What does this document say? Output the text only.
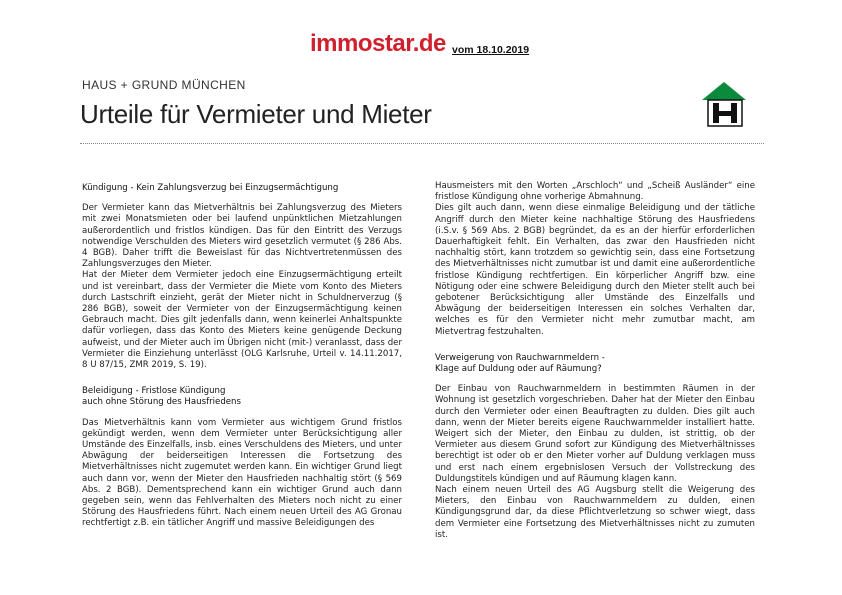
immostar.de vom 18.10.2019
HAUS + GRUND MÜNCHEN
Urteile für Vermieter und Mieter
Kündigung - Kein Zahlungsverzug bei Einzugsermächtigung

Der Vermieter kann das Mietverhältnis bei Zahlungsverzug des Mieters mit zwei Monatsmieten oder bei laufend unpünktlichen Mietzahlungen außerordentlich und fristlos kündigen. Das für den Eintritt des Verzugs notwendige Verschulden des Mieters wird gesetzlich vermutet (§ 286 Abs. 4 BGB). Daher trifft die Beweislast für das Nichtvertretenmüssen des Zahlungsverzuges den Mieter.

Hat der Mieter dem Vermieter jedoch eine Einzugsermächtigung erteilt und ist vereinbart, dass der Vermieter die Miete vom Konto des Mieters durch Lastschrift einzieht, gerät der Mieter nicht in Schuldnerverzug (§ 286 BGB), soweit der Vermieter von der Einzugsermächtigung keinen Gebrauch macht. Dies gilt jedenfalls dann, wenn keinerlei Anhaltspunkte dafür vorliegen, dass das Konto des Mieters keine genügende Deckung aufweist, und der Mieter auch im Übrigen nicht (mit-) veranlasst, dass der Vermieter die Einziehung unterlässt (OLG Karlsruhe, Urteil v. 14.11.2017, 8 U 87/15, ZMR 2019, S. 19).

Beleidigung - Fristlose Kündigung
auch ohne Störung des Hausfriedens

Das Mietverhältnis kann vom Vermieter aus wichtigem Grund fristlos gekündigt werden, wenn dem Vermieter unter Berücksichtigung aller Umstände des Einzelfalls, insb. eines Verschuldens des Mieters, und unter Abwägung der beiderseitigen Interessen die Fortsetzung des Mietverhältnisses nicht zugemutet werden kann. Ein wichtiger Grund liegt auch dann vor, wenn der Mieter den Hausfrieden nachhaltig stört (§ 569 Abs. 2 BGB). Dementsprechend kann ein wichtiger Grund auch dann gegeben sein, wenn das Fehlverhalten des Mieters noch nicht zu einer Störung des Hausfriedens führt. Nach einem neuen Urteil des AG Gronau rechtfertigt z.B. ein tätlicher Angriff und massive Beleidigungen des

Hausmeisters mit den Worten „Arschloch“ und „Scheiß Ausländer“ eine fristlose Kündigung ohne vorherige Abmahnung.

Dies gilt auch dann, wenn diese einmalige Beleidigung und der tätliche Angriff durch den Mieter keine nachhaltige Störung des Hausfriedens (i.S.v. § 569 Abs. 2 BGB) begründet, da es an der hierfür erforderlichen Dauerhaftigkeit fehlt. Ein Verhalten, das zwar den Hausfrieden nicht nachhaltig stört, kann trotzdem so gewichtig sein, dass eine Fortsetzung des Mietverhältnisses nicht zumutbar ist und damit eine außerordentliche fristlose Kündigung rechtfertigen. Ein körperlicher Angriff bzw. eine Nötigung oder eine schwere Beleidigung durch den Mieter stellt auch bei gebotener Berücksichtigung aller Umstände des Einzelfalls und Abwägung der beiderseitigen Interessen ein solches Verhalten dar, welches es für den Vermieter nicht mehr zumutbar macht, am Mietvertrag festzuhalten.

Verweigerung von Rauchwarnmeldern -
Klage auf Duldung oder auf Räumung?

Der Einbau von Rauchwarnmeldern in bestimmten Räumen in der Wohnung ist gesetzlich vorgeschrieben. Daher hat der Mieter den Einbau durch den Vermieter oder einen Beauftragten zu dulden. Dies gilt auch dann, wenn der Mieter bereits eigene Rauchwarnmelder installiert hatte. Weigert sich der Mieter, den Einbau zu dulden, ist strittig, ob der Vermieter aus diesem Grund sofort zur Kündigung des Mietverhältnisses berechtigt ist oder ob er den Mieter vorher auf Duldung verklagen muss und erst nach einem ergebnislosen Versuch der Vollstreckung des Duldungstitels kündigen und auf Räumung klagen kann.

Nach einem neuen Urteil des AG Augsburg stellt die Weigerung des Mieters, den Einbau von Rauchwarnmeldern zu dulden, einen Kündigungsgrund dar, da diese Pflichtverletzung so schwer wiegt, dass dem Vermieter eine Fortsetzung des Mietverhältnisses nicht zu zumuten ist.
